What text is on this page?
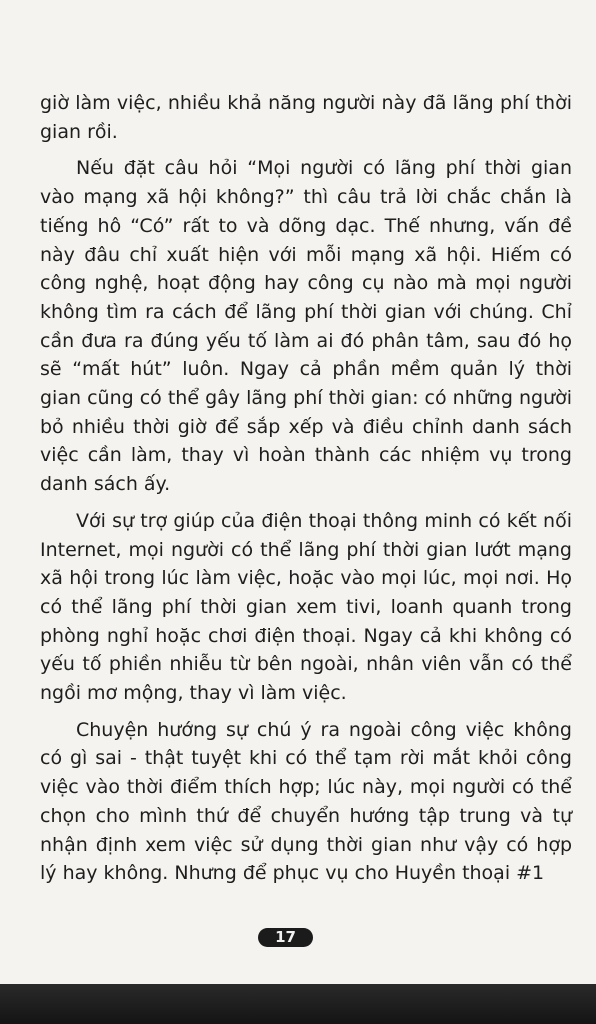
giờ làm việc, nhiều khả năng người này đã lãng phí thời gian rồi.

Nếu đặt câu hỏi “Mọi người có lãng phí thời gian vào mạng xã hội không?” thì câu trả lời chắc chắn là tiếng hô “Có” rất to và dõng dạc. Thế nhưng, vấn đề này đâu chỉ xuất hiện với mỗi mạng xã hội. Hiếm có công nghệ, hoạt động hay công cụ nào mà mọi người không tìm ra cách để lãng phí thời gian với chúng. Chỉ cần đưa ra đúng yếu tố làm ai đó phân tâm, sau đó họ sẽ “mất hút” luôn. Ngay cả phần mềm quản lý thời gian cũng có thể gây lãng phí thời gian: có những người bỏ nhiều thời giờ để sắp xếp và điều chỉnh danh sách việc cần làm, thay vì hoàn thành các nhiệm vụ trong danh sách ấy.

Với sự trợ giúp của điện thoại thông minh có kết nối Internet, mọi người có thể lãng phí thời gian lướt mạng xã hội trong lúc làm việc, hoặc vào mọi lúc, mọi nơi. Họ có thể lãng phí thời gian xem tivi, loanh quanh trong phòng nghỉ hoặc chơi điện thoại. Ngay cả khi không có yếu tố phiền nhiễu từ bên ngoài, nhân viên vẫn có thể ngồi mơ mộng, thay vì làm việc.

Chuyện hướng sự chú ý ra ngoài công việc không có gì sai - thật tuyệt khi có thể tạm rời mắt khỏi công việc vào thời điểm thích hợp; lúc này, mọi người có thể chọn cho mình thứ để chuyển hướng tập trung và tự nhận định xem việc sử dụng thời gian như vậy có hợp lý hay không. Nhưng để phục vụ cho Huyền thoại #1

17
